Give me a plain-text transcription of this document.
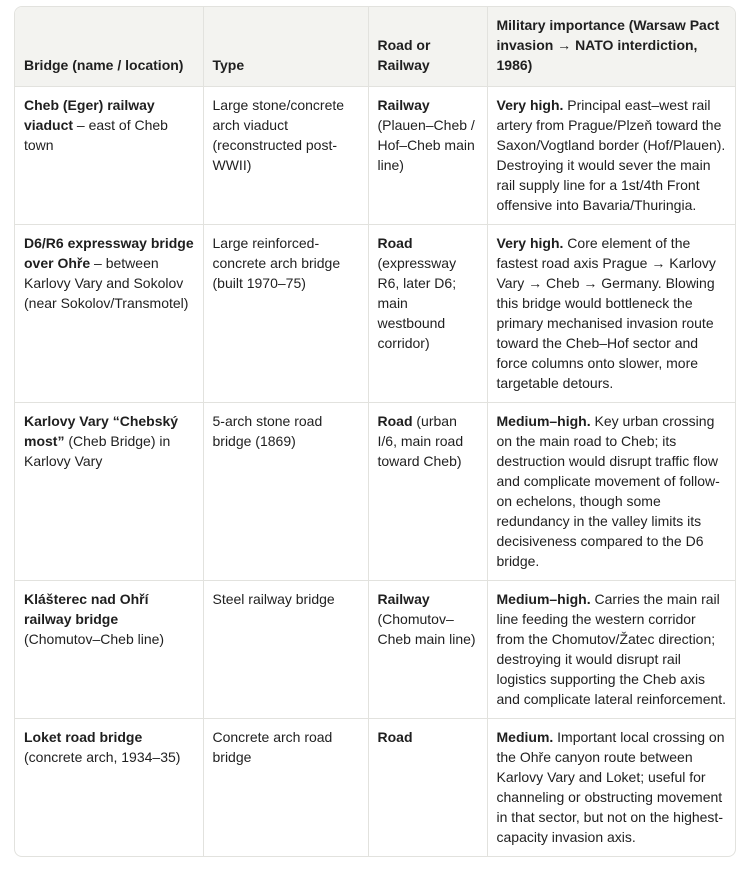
Bridge (name / location)	Type	Road or Railway	Military importance (Warsaw Pact invasion → NATO interdiction, 1986)
Cheb (Eger) railway viaduct – east of Cheb town	Large stone/concrete arch viaduct (reconstructed post-WWII)	Railway (Plauen–Cheb / Hof–Cheb main line)	Very high. Principal east–west rail artery from Prague/Plzeň toward the Saxon/Vogtland border (Hof/Plauen). Destroying it would sever the main rail supply line for a 1st/4th Front offensive into Bavaria/Thuringia.
D6/R6 expressway bridge over Ohře – between Karlovy Vary and Sokolov (near Sokolov/Transmotel)	Large reinforced-concrete arch bridge (built 1970–75)	Road (expressway R6, later D6; main westbound corridor)	Very high. Core element of the fastest road axis Prague → Karlovy Vary → Cheb → Germany. Blowing this bridge would bottleneck the primary mechanised invasion route toward the Cheb–Hof sector and force columns onto slower, more targetable detours.
Karlovy Vary “Chebský most” (Cheb Bridge) in Karlovy Vary	5-arch stone road bridge (1869)	Road (urban I/6, main road toward Cheb)	Medium–high. Key urban crossing on the main road to Cheb; its destruction would disrupt traffic flow and complicate movement of follow-on echelons, though some redundancy in the valley limits its decisiveness compared to the D6 bridge.
Klášterec nad Ohří railway bridge (Chomutov–Cheb line)	Steel railway bridge	Railway (Chomutov–Cheb main line)	Medium–high. Carries the main rail line feeding the western corridor from the Chomutov/Žatec direction; destroying it would disrupt rail logistics supporting the Cheb axis and complicate lateral reinforcement.
Loket road bridge (concrete arch, 1934–35)	Concrete arch road bridge	Road	Medium. Important local crossing on the Ohře canyon route between Karlovy Vary and Loket; useful for channeling or obstructing movement in that sector, but not on the highest-capacity invasion axis.
